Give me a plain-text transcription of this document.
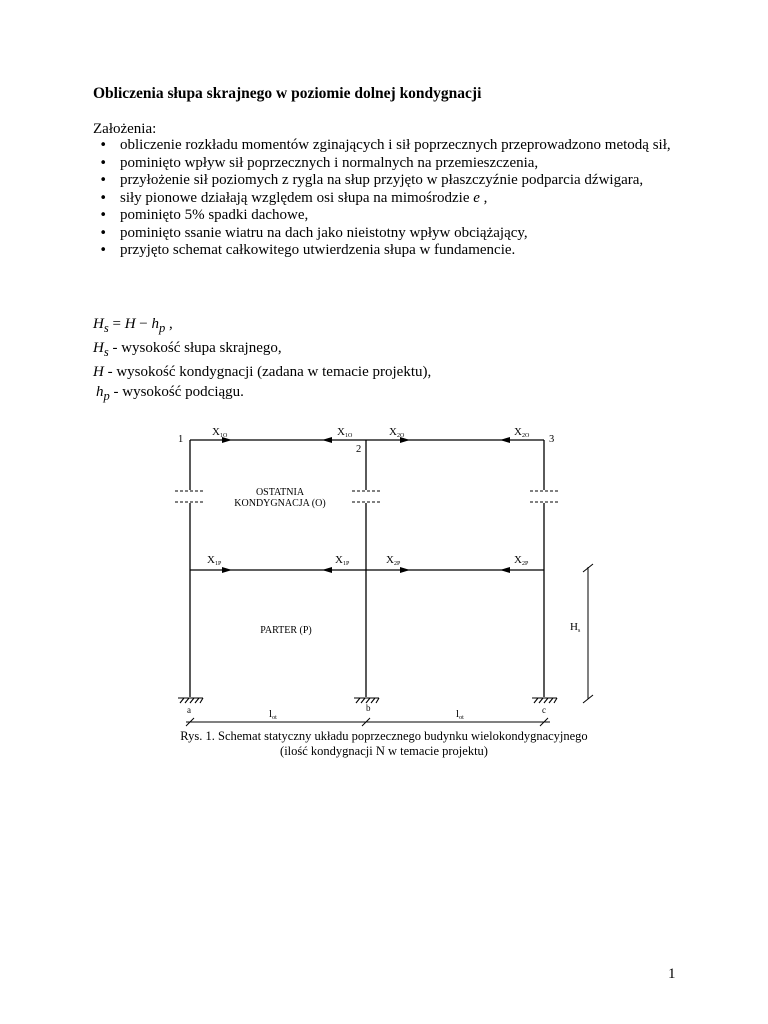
Obliczenia słupa skrajnego w poziomie dolnej kondygnacji
Założenia:
• obliczenie rozkładu momentów zginających i sił poprzecznych przeprowadzono metodą sił,
• pominięto wpływ sił poprzecznych i normalnych na przemieszczenia,
• przyłożenie sił poziomych z rygla na słup przyjęto w płaszczyźnie podparcia dźwigara,
• siły pionowe działają względem osi słupa na mimośrodzie e ,
• pominięto 5% spadki dachowe,
• pominięto ssanie wiatru na dach jako nieistotny wpływ obciążający,
• przyjęto schemat całkowitego utwierdzenia słupa w fundamencie.
$H_s = H - h_p$ ,
$H_s$ - wysokość słupa skrajnego,
H - wysokość kondygnacji (zadana w temacie projektu),
$h_p$ - wysokość podciągu.
1
2
3
a	b	c
X1O	X1O	X2O	X2O
X1P	X1P	X2P	X2P
OSTATNIA
KONDYGNACJA (O)
PARTER (P)	Hs
lot	lot
Rys. 1. Schemat statyczny układu poprzecznego budynku wielokondygnacyjnego
(ilość kondygnacji N w temacie projektu)
1
